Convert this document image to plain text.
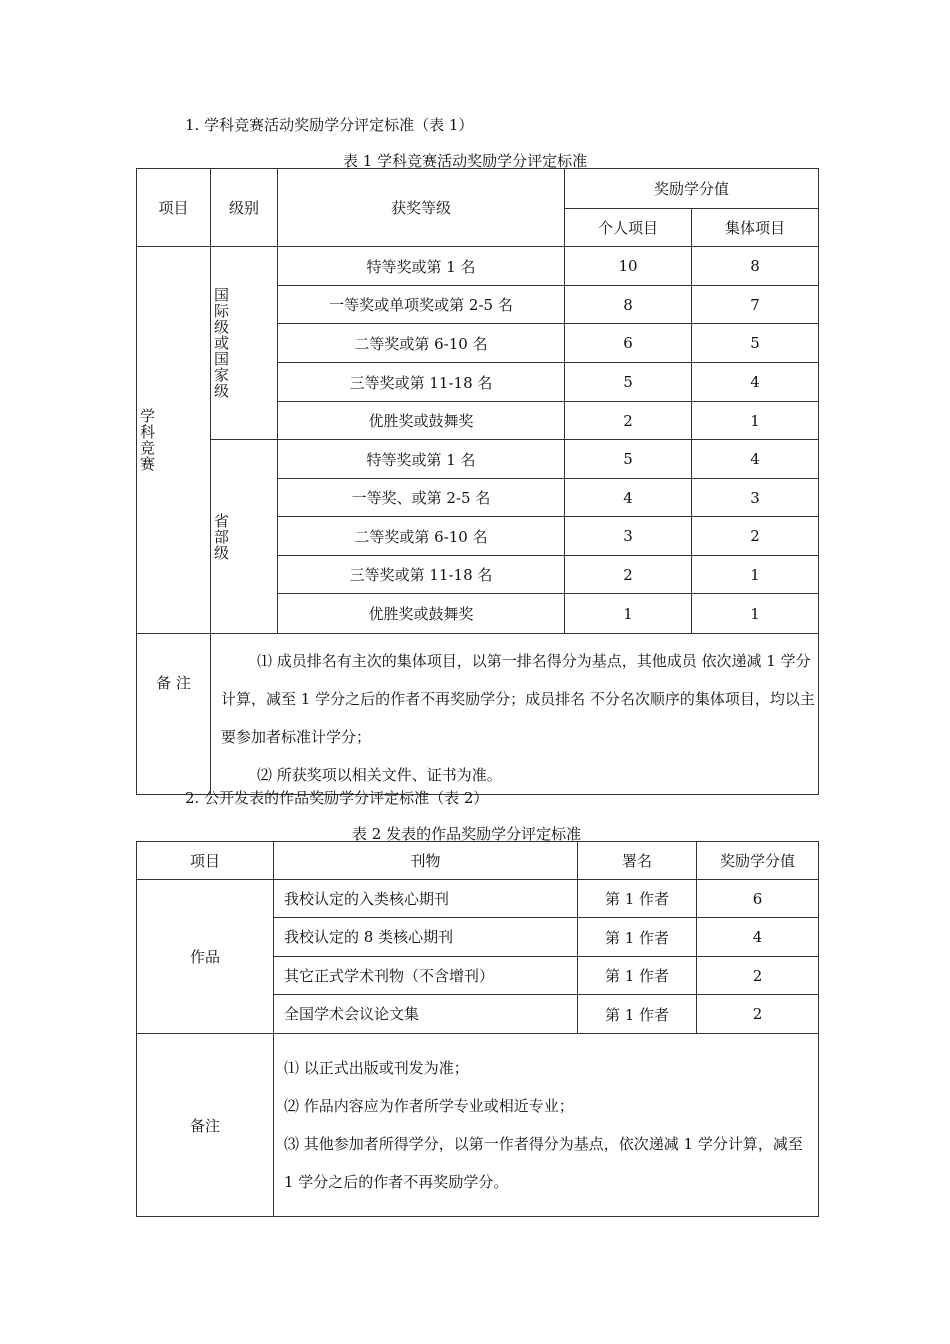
1. 学科竞赛活动奖励学分评定标准（表 1）
表 1 学科竞赛活动奖励学分评定标准
项目	级别	获奖等级	奖励学分值	
			个人项目	集体项目

学科竞赛	国际级或国家级	特等奖或第 1 名	10	8
		一等奖或单项奖或第 2-5 名	8	7
		二等奖或第 6-10 名	6	5
		三等奖或第 11-18 名	5	4
		优胜奖或鼓舞奖	2	1

	省部级	特等奖或第 1 名	5	4
		一等奖、或第 2-5 名	4	3
		二等奖或第 6-10 名	3	2
		三等奖或第 11-18 名	2	1
		优胜奖或鼓舞奖	1	1
备 注	⑴ 成员排名有主次的集体项目，以第一排名得分为基点，其他成员 依次递减 1 学分计算，减至 1 学分之后的作者不再奖励学分；成员排名 不分名次顺序的集体项目，均以主要参加者标准计学分；

⑵ 所获奖项以相关文件、证书为准。			

2. 公开发表的作品奖励学分评定标准（表 2）
表 2 发表的作品奖励学分评定标准
项目	刊物	署名	奖励学分值
作品	我校认定的入类核心期刊	第 1 作者	6
	我校认定的 8 类核心期刊	第 1 作者	4
	其它正式学术刊物（不含增刊）	第 1 作者	2
	全国学术会议论文集	第 1 作者	2
备注	⑴ 以正式出版或刊发为准；

⑵ 作品内容应为作者所学专业或相近专业；

⑶ 其他参加者所得学分，以第一作者得分为基点，依次递减 1 学分计算，减至 1 学分之后的作者不再奖励学分。		
